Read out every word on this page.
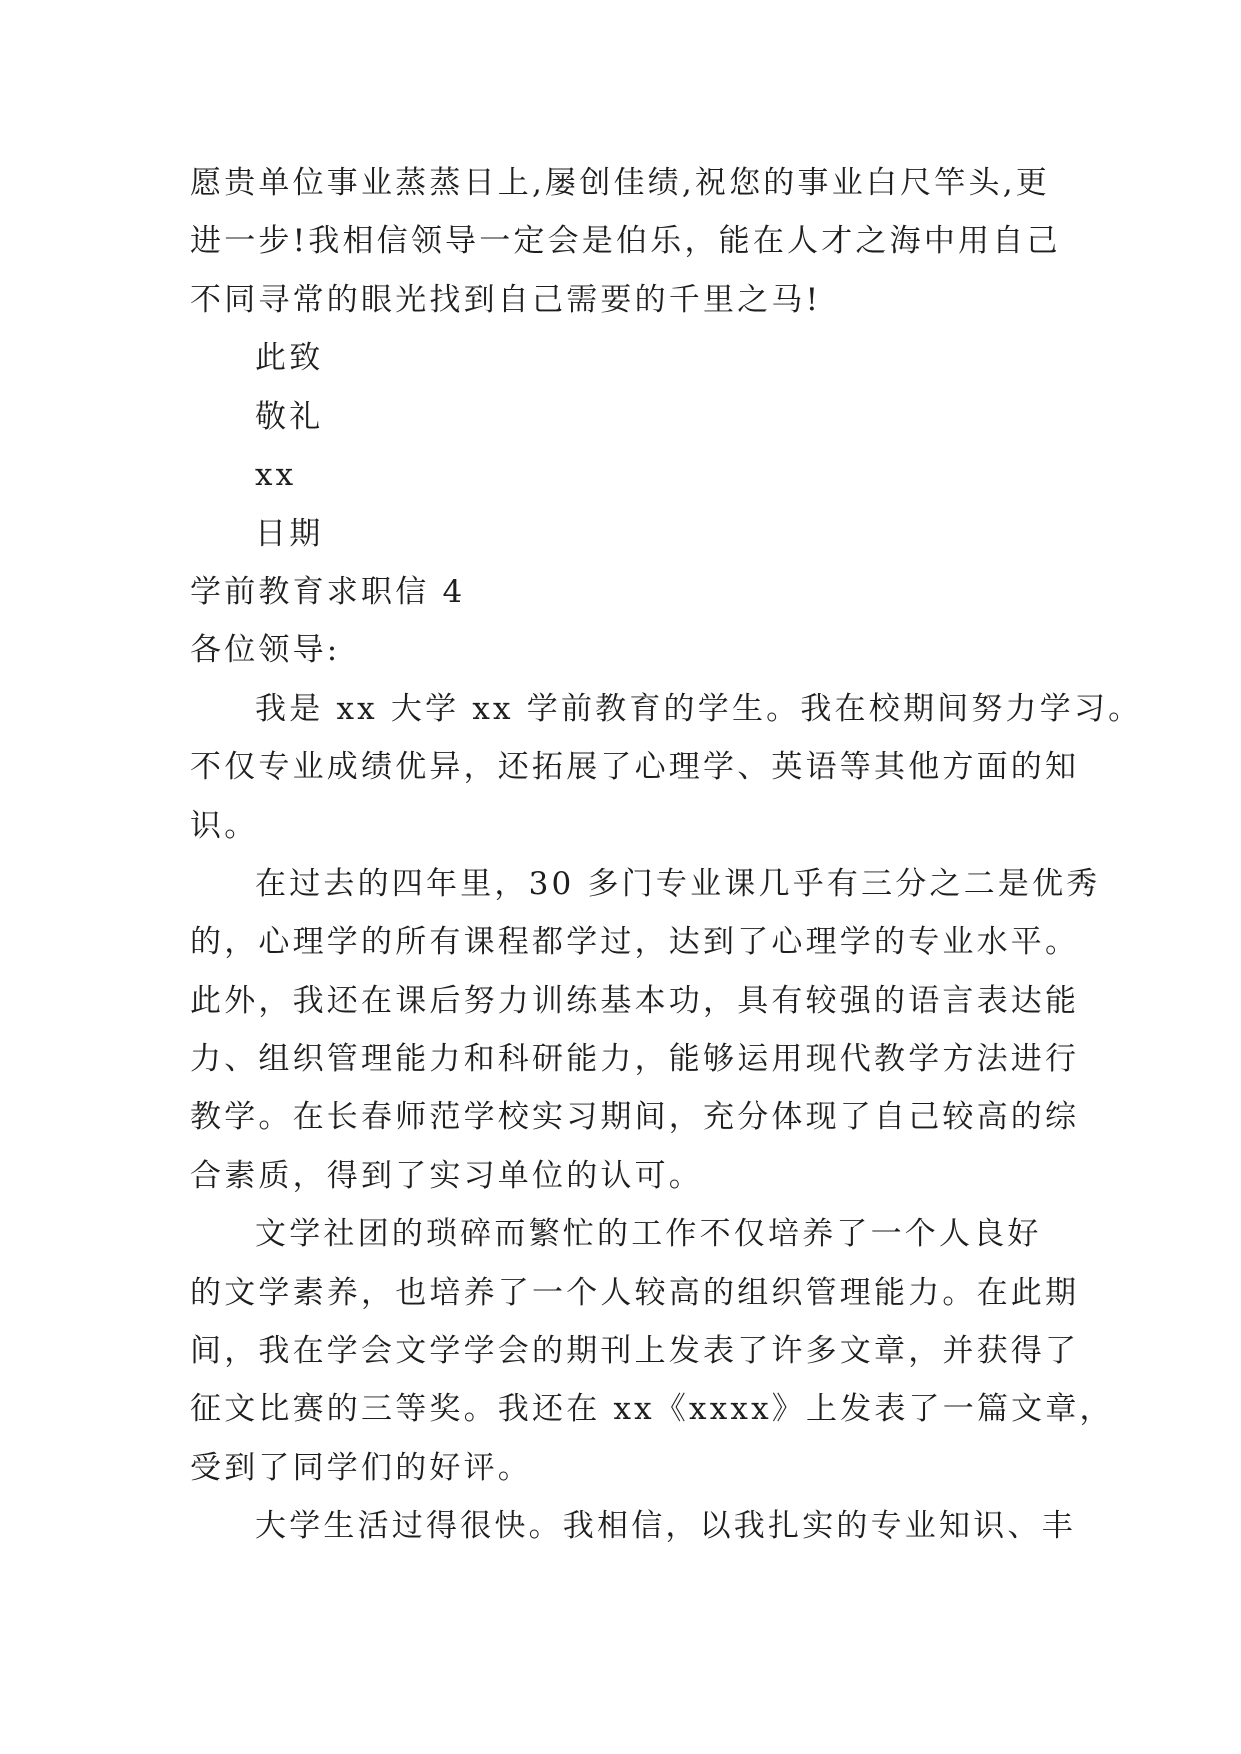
愿贵单位事业蒸蒸日上,屡创佳绩,祝您的事业白尺竿头,更
进一步!我相信领导一定会是伯乐，能在人才之海中用自己
不同寻常的眼光找到自己需要的千里之马!
此致
敬礼
xx
日期
学前教育求职信 4
各位领导:
我是 xx 大学 xx 学前教育的学生。我在校期间努力学习。
不仅专业成绩优异，还拓展了心理学、英语等其他方面的知
识。
在过去的四年里，30 多门专业课几乎有三分之二是优秀
的，心理学的所有课程都学过，达到了心理学的专业水平。
此外，我还在课后努力训练基本功，具有较强的语言表达能
力、组织管理能力和科研能力，能够运用现代教学方法进行
教学。在长春师范学校实习期间，充分体现了自己较高的综
合素质，得到了实习单位的认可。
文学社团的琐碎而繁忙的工作不仅培养了一个人良好
的文学素养，也培养了一个人较高的组织管理能力。在此期
间，我在学会文学学会的期刊上发表了许多文章，并获得了
征文比赛的三等奖。我还在 xx《xxxx》上发表了一篇文章，
受到了同学们的好评。
大学生活过得很快。我相信，以我扎实的专业知识、丰
